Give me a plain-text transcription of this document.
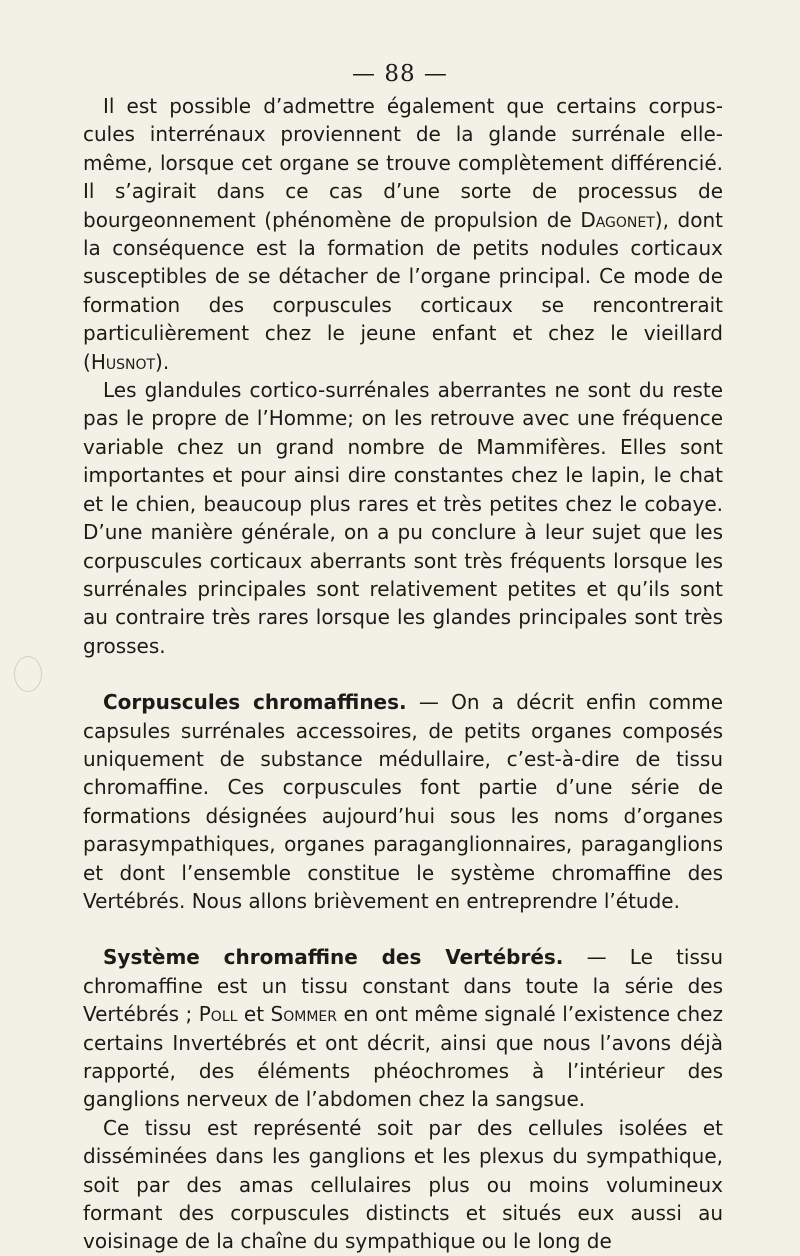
— 88 —

Il est possible d’admettre également que certains corpuscules interrénaux proviennent de la glande surrénale elle-même, lorsque cet organe se trouve complètement différencié. Il s’agirait dans ce cas d’une sorte de processus de bourgeonnement (phénomène de propulsion de Dagonet), dont la conséquence est la formation de petits nodules corticaux susceptibles de se détacher de l’organe principal. Ce mode de formation des corpuscules corticaux se rencontrerait particulièrement chez le jeune enfant et chez le vieillard (Husnot).

Les glandules cortico-surrénales aberrantes ne sont du reste pas le propre de l’Homme; on les retrouve avec une fréquence variable chez un grand nombre de Mammifères. Elles sont importantes et pour ainsi dire constantes chez le lapin, le chat et le chien, beaucoup plus rares et très petites chez le cobaye. D’une manière générale, on a pu conclure à leur sujet que les corpuscules corticaux aberrants sont très fréquents lorsque les surrénales principales sont relativement petites et qu’ils sont au contraire très rares lorsque les glandes principales sont très grosses.

Corpuscules chromaffines. — On a décrit enfin comme capsules surrénales accessoires, de petits organes composés uniquement de substance médullaire, c’est-à-dire de tissu chromaffine. Ces corpuscules font partie d’une série de formations désignées aujourd’hui sous les noms d’organes parasympathiques, organes paraganglionnaires, paraganglions et dont l’ensemble constitue le système chromaffine des Vertébrés. Nous allons brièvement en entreprendre l’étude.

Système chromaffine des Vertébrés. — Le tissu chromaffine est un tissu constant dans toute la série des Vertébrés ; Poll et Sommer en ont même signalé l’existence chez certains Invertébrés et ont décrit, ainsi que nous l’avons déjà rapporté, des éléments phéochromes à l’intérieur des ganglions nerveux de l’abdomen chez la sangsue.

Ce tissu est représenté soit par des cellules isolées et disséminées dans les ganglions et les plexus du sympathique, soit par des amas cellulaires plus ou moins volumineux formant des corpuscules distincts et situés eux aussi au voisinage de la chaîne du sympathique ou le long de
